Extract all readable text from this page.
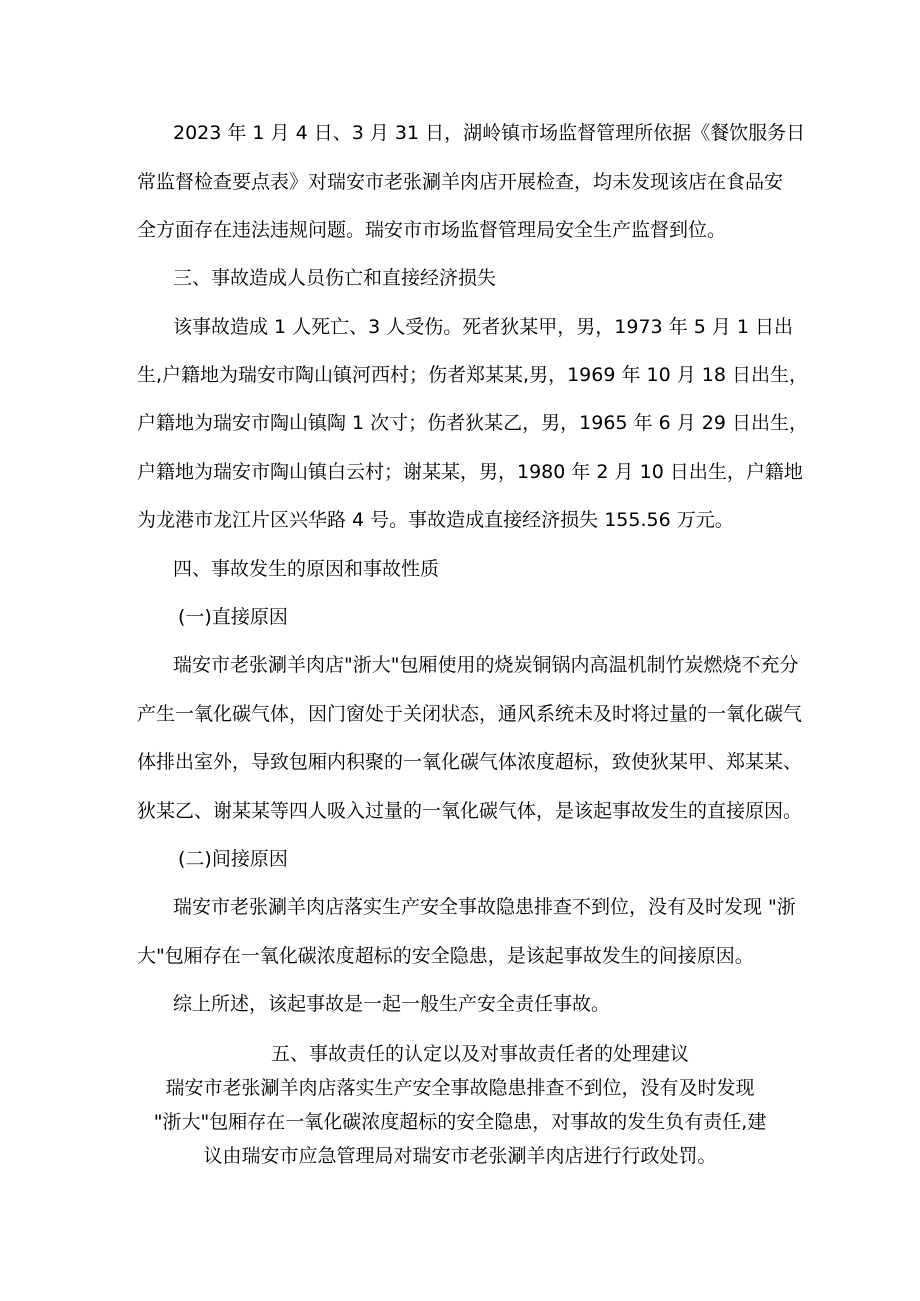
2023 年 1 月 4 日、3 月 31 日，湖岭镇市场监督管理所依据《餐饮服务日
常监督检查要点表》对瑞安市老张涮羊肉店开展检查，均未发现该店在食品安
全方面存在违法违规问题。瑞安市市场监督管理局安全生产监督到位。
三、事故造成人员伤亡和直接经济损失
该事故造成 1 人死亡、3 人受伤。死者狄某甲，男，1973 年 5 月 1 日出
生,户籍地为瑞安市陶山镇河西村；伤者郑某某,男，1969 年 10 月 18 日出生，
户籍地为瑞安市陶山镇陶 1 次寸；伤者狄某乙，男，1965 年 6 月 29 日出生，
户籍地为瑞安市陶山镇白云村；谢某某，男，1980 年 2 月 10 日出生，户籍地
为龙港市龙江片区兴华路 4 号。事故造成直接经济损失 155.56 万元。
四、事故发生的原因和事故性质
(一)直接原因
瑞安市老张涮羊肉店"浙大"包厢使用的烧炭铜锅内高温机制竹炭燃烧不充分
产生一氧化碳气体，因门窗处于关闭状态，通风系统未及时将过量的一氧化碳气
体排出室外，导致包厢内积聚的一氧化碳气体浓度超标，致使狄某甲、郑某某、
狄某乙、谢某某等四人吸入过量的一氧化碳气体，是该起事故发生的直接原因。
(二)间接原因
瑞安市老张涮羊肉店落实生产安全事故隐患排查不到位，没有及时发现 "浙
大"包厢存在一氧化碳浓度超标的安全隐患，是该起事故发生的间接原因。
综上所述，该起事故是一起一般生产安全责任事故。
五、事故责任的认定以及对事故责任者的处理建议
瑞安市老张涮羊肉店落实生产安全事故隐患排查不到位，没有及时发现
"浙大"包厢存在一氧化碳浓度超标的安全隐患，对事故的发生负有责任,建
议由瑞安市应急管理局对瑞安市老张涮羊肉店进行行政处罚。
